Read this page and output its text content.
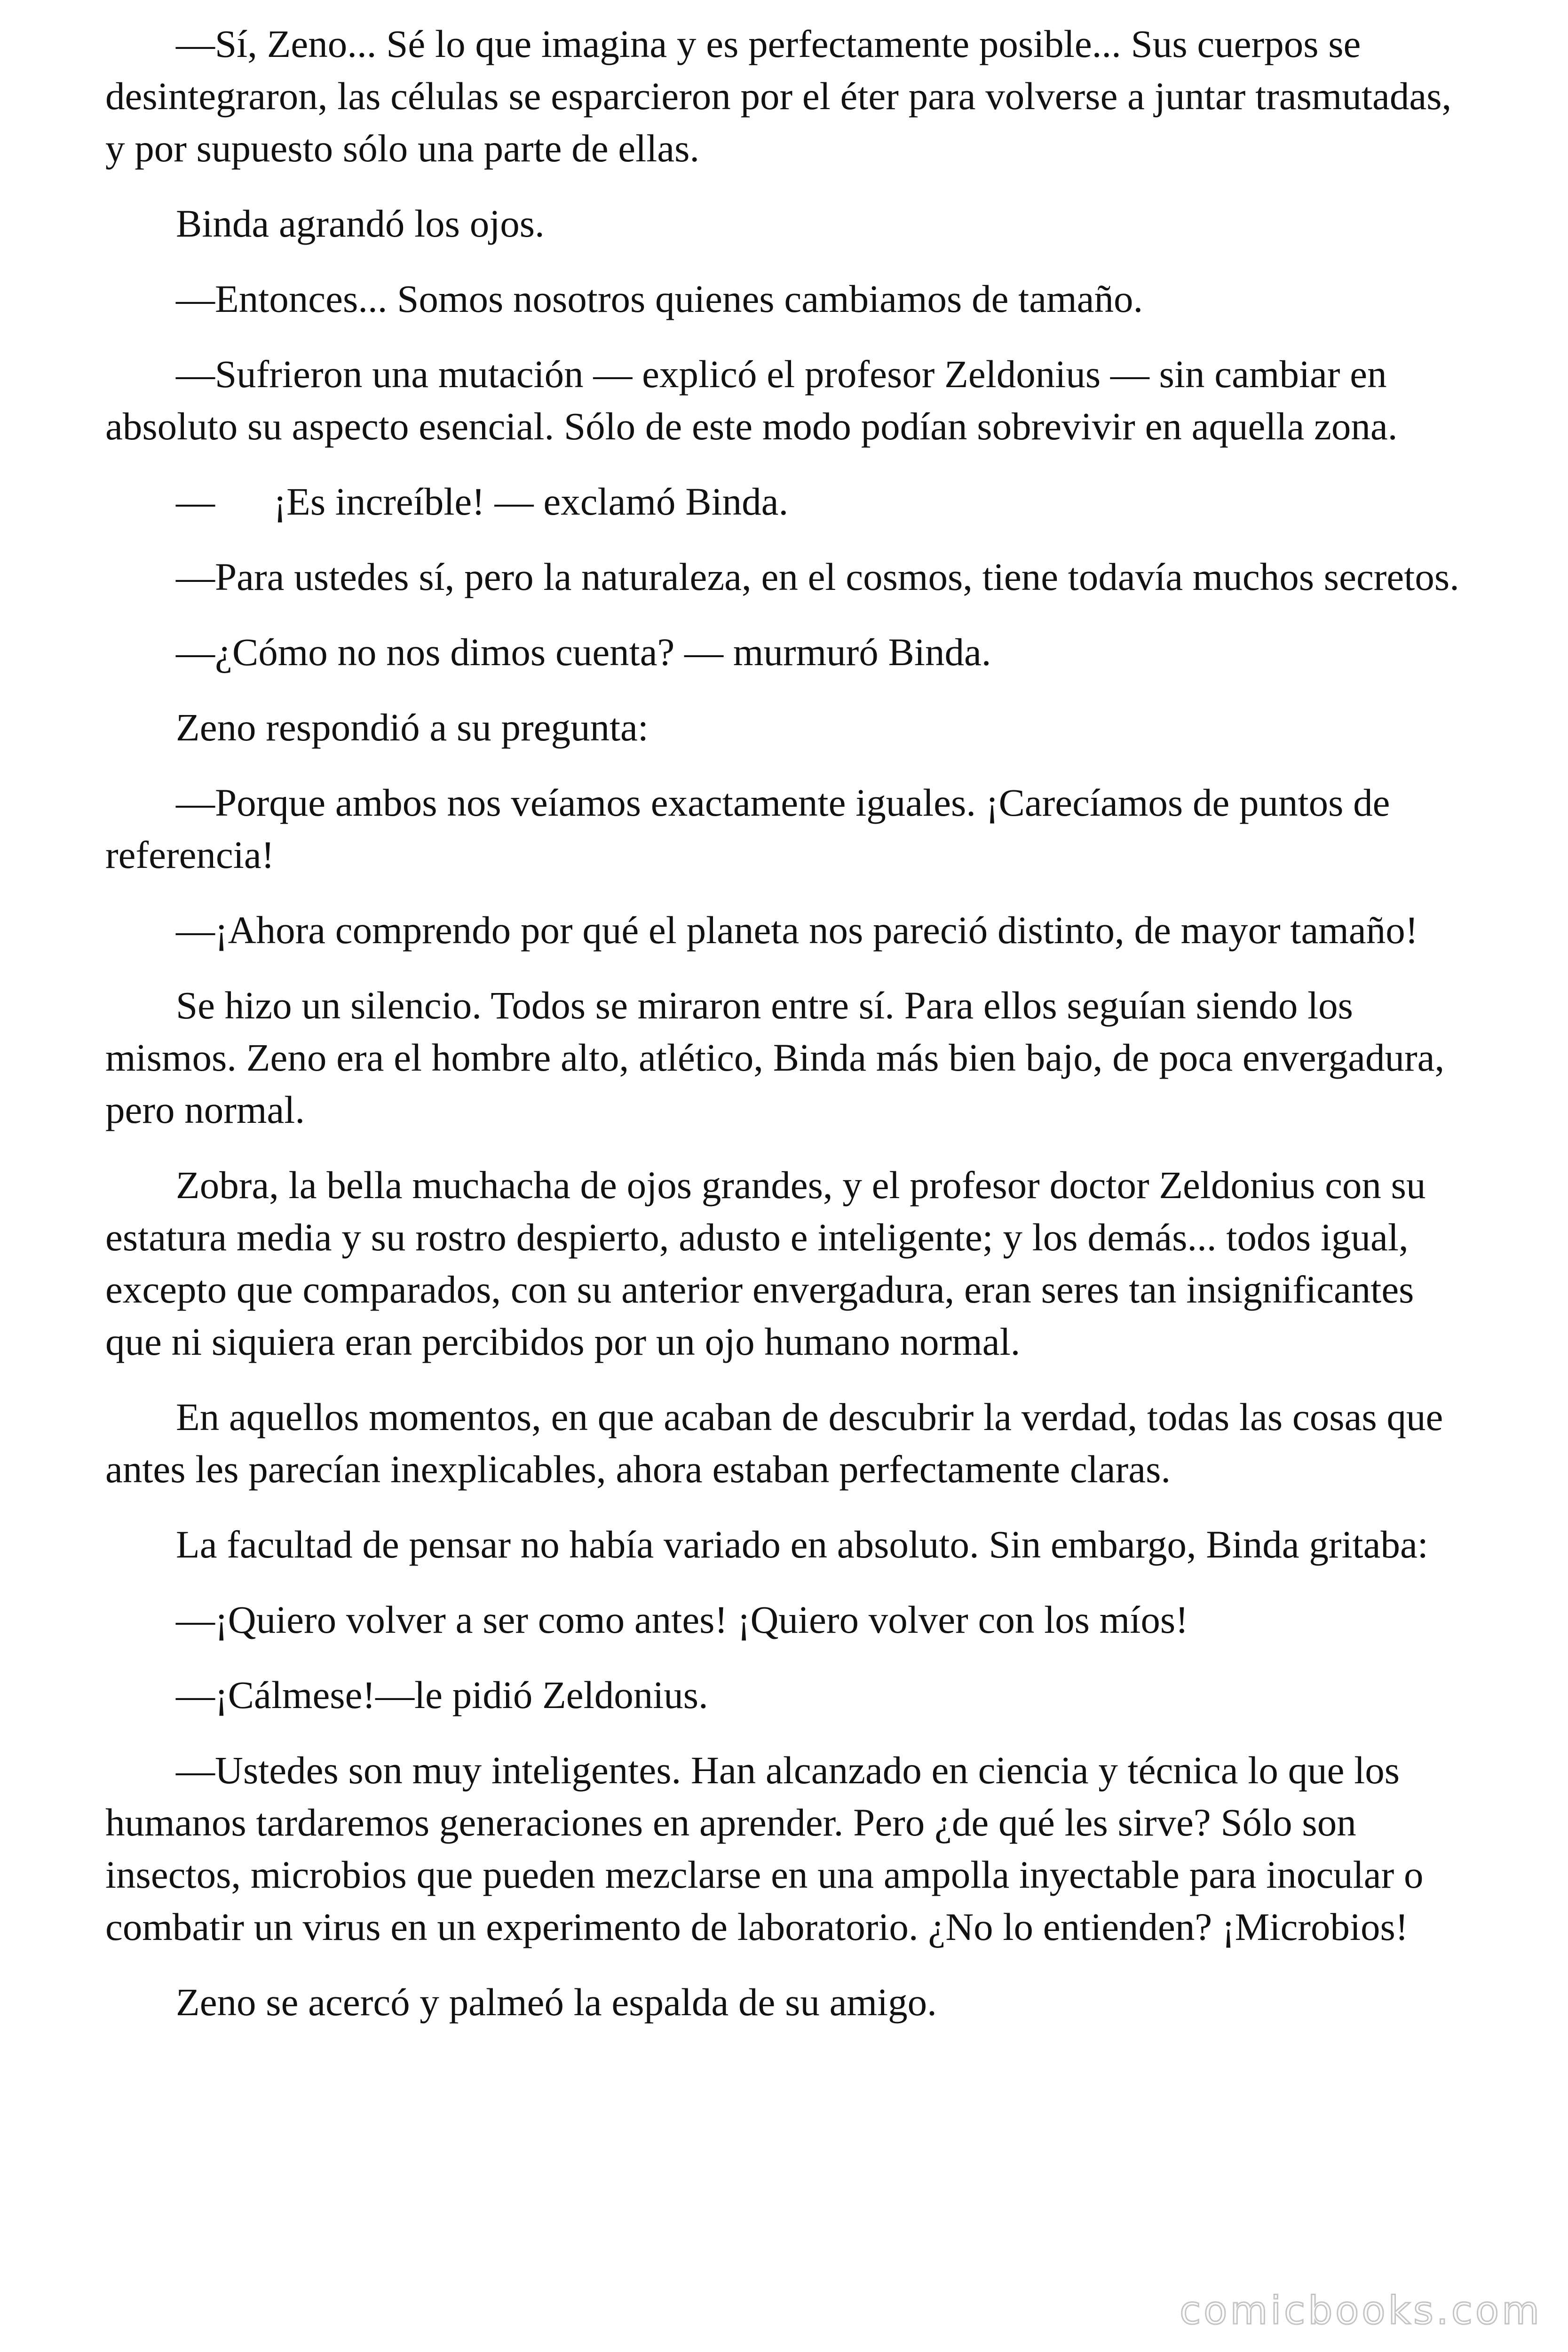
—Sí, Zeno... Sé lo que imagina y es perfectamente posible... Sus cuerpos se desintegraron, las células se esparcieron por el éter para volverse a juntar trasmutadas, y por supuesto sólo una parte de ellas.

Binda agrandó los ojos.

—Entonces... Somos nosotros quienes cambiamos de tamaño.

—Sufrieron una mutación — explicó el profesor Zeldonius — sin cambiar en absoluto su aspecto esencial. Sólo de este modo podían sobrevivir en aquella zona.

—      ¡Es increíble! — exclamó Binda.

—Para ustedes sí, pero la naturaleza, en el cosmos, tiene todavía muchos secretos.

—¿Cómo no nos dimos cuenta? — murmuró Binda.

Zeno respondió a su pregunta:

—Porque ambos nos veíamos exactamente iguales. ¡Carecíamos de puntos de referencia!

—¡Ahora comprendo por qué el planeta nos pareció distinto, de mayor tamaño!

Se hizo un silencio. Todos se miraron entre sí. Para ellos seguían siendo los mismos. Zeno era el hombre alto, atlético, Binda más bien bajo, de poca envergadura, pero normal.

Zobra, la bella muchacha de ojos grandes, y el profesor doctor Zeldonius con su estatura media y su rostro despierto, adusto e inteligente; y los demás... todos igual, excepto que comparados, con su anterior envergadura, eran seres tan insignificantes que ni siquiera eran percibidos por un ojo humano normal.

En aquellos momentos, en que acaban de descubrir la verdad, todas las cosas que antes les parecían inexplicables, ahora estaban perfectamente claras.

La facultad de pensar no había variado en absoluto. Sin embargo, Binda gritaba:

—¡Quiero volver a ser como antes! ¡Quiero volver con los míos!

—¡Cálmese!—le pidió Zeldonius.

—Ustedes son muy inteligentes. Han alcanzado en ciencia y técnica lo que los humanos tardaremos generaciones en aprender. Pero ¿de qué les sirve? Sólo son insectos, microbios que pueden mezclarse en una ampolla inyectable para inocular o combatir un virus en un experimento de laboratorio. ¿No lo entienden? ¡Microbios!

Zeno se acercó y palmeó la espalda de su amigo.

comicbooks.com
